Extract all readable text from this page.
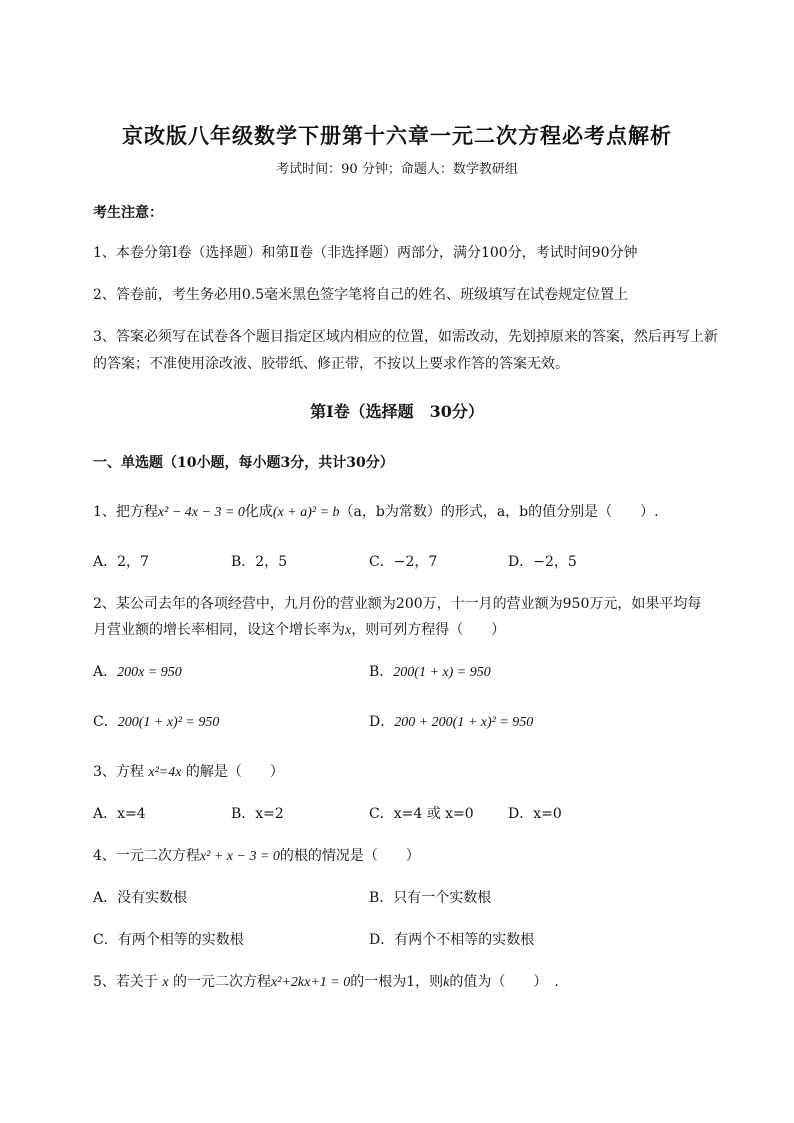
京改版八年级数学下册第十六章一元二次方程必考点解析
考试时间：90 分钟；命题人：数学教研组
考生注意：
1、本卷分第I卷（选择题）和第Ⅱ卷（非选择题）两部分，满分100分，考试时间90分钟
2、答卷前，考生务必用0.5毫米黑色签字笔将自己的姓名、班级填写在试卷规定位置上
3、答案必须写在试卷各个题目指定区域内相应的位置，如需改动，先划掉原来的答案，然后再写上新
的答案；不准使用涂改液、胶带纸、修正带，不按以上要求作答的答案无效。
第I卷（选择题　30分）
一、单选题（10小题，每小题3分，共计30分）
1、把方程x² − 4x − 3 = 0化成(x + a)² = b（a，b为常数）的形式，a，b的值分别是（　　）.
A．2，7	B．2，5	C．−2，7	D．−2，5
2、某公司去年的各项经营中，九月份的营业额为200万，十一月的营业额为950万元，如果平均每
月营业额的增长率相同，设这个增长率为x，则可列方程得（　　）
A．200x = 950	B．200(1 + x) = 950
C．200(1 + x)² = 950	D．200 + 200(1 + x)² = 950
3、方程 x²=4x 的解是（　　）
A．x=4	B．x=2	C．x=4 或 x=0 D．x=0
4、一元二次方程x² + x − 3 = 0的根的情况是（　　）
A．没有实数根	B．只有一个实数根
C．有两个相等的实数根	D．有两个不相等的实数根
5、若关于 x 的一元二次方程x²+2kx+1 = 0的一根为1，则k的值为（　　）　.
